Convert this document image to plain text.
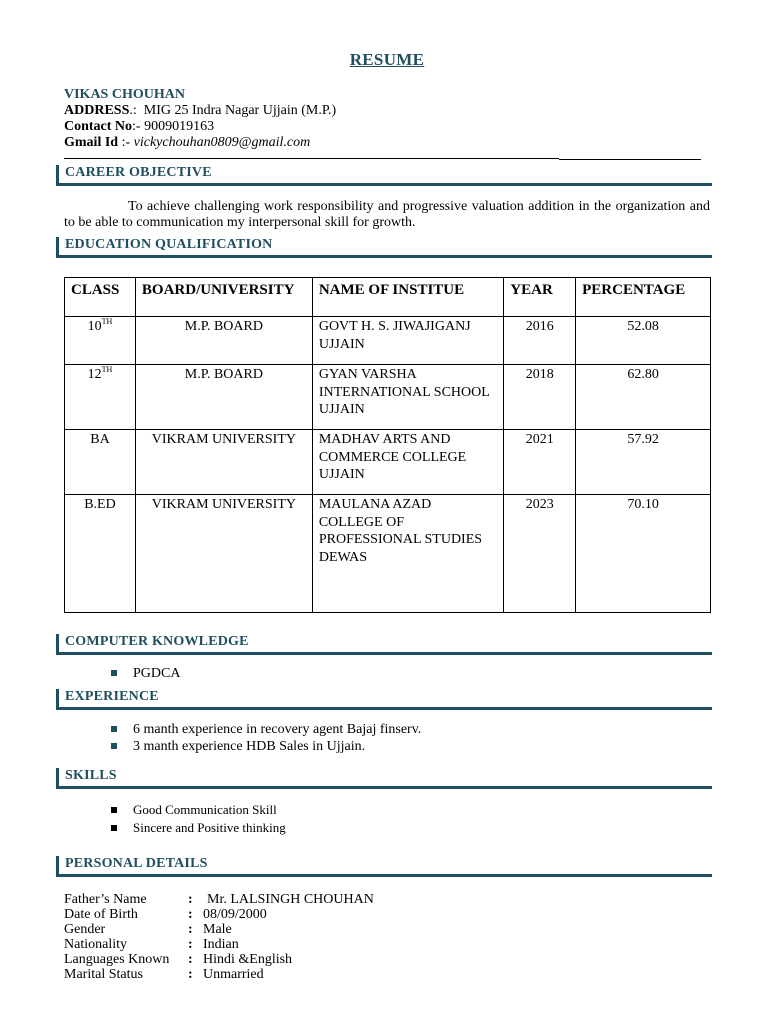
RESUME
VIKAS CHOUHAN
ADDRESS.: MIG 25 Indra Nagar Ujjain (M.P.)
Contact No:- 9009019163
Gmail Id :- vickychouhan0809@gmail.com
CAREER OBJECTIVE
To achieve challenging work responsibility and progressive valuation addition in the organization and to be able to communication my interpersonal skill for growth.
EDUCATION QUALIFICATION
CLASS	BOARD/UNIVERSITY	NAME OF INSTITUE	YEAR	PERCENTAGE
10TH	M.P. BOARD	GOVT H. S. JIWAJIGANJ UJJAIN	2016	52.08
12TH	M.P. BOARD	GYAN VARSHA INTERNATIONAL SCHOOL UJJAIN	2018	62.80
BA	VIKRAM UNIVERSITY	MADHAV ARTS AND COMMERCE COLLEGE UJJAIN	2021	57.92
B.ED	VIKRAM UNIVERSITY	MAULANA AZAD COLLEGE OF PROFESSIONAL STUDIES DEWAS	2023	70.10
COMPUTER KNOWLEDGE
PGDCA
EXPERIENCE
6 manth experience in recovery agent Bajaj finserv.
3 manth experience HDB Sales in Ujjain.
SKILLS
Good Communication Skill
Sincere and Positive thinking
PERSONAL DETAILS
Father’s Name	: Mr. LALSINGH CHOUHAN
Date of Birth	: 08/09/2000
Gender	: Male
Nationality	: Indian
Languages Known	: Hindi &English
Marital Status	: Unmarried
